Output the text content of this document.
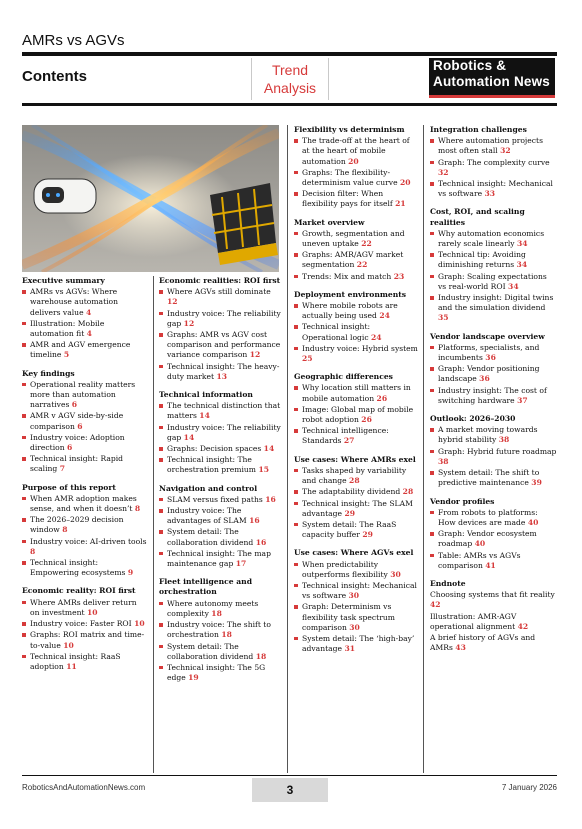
AMRs vs AGVs
Contents	Trend
Analysis
Robotics &
Automation News
Executive summary
AMRs vs AGVs: Where warehouse automation delivers value 4
Illustration: Mobile automation fit 4
AMR and AGV emergence timeline 5
Key findings
Operational reality matters more than automation narratives 6
AMR v AGV side-by-side comparison 6
Industry voice: Adoption direction 6
Technical insight: Rapid scaling 7
Purpose of this report
When AMR adoption makes sense, and when it doesn’t 8
The 2026–2029 decision window 8
Industry voice: AI-driven tools 8
Technical insight: Empowering ecosystems 9
Economic reality: ROI first
Where AMRs deliver return on investment 10
Industry voice: Faster ROI 10
Graphs: ROI matrix and time-to-value 10
Technical insight: RaaS adoption 11
Economic realities: ROI first
Where AGVs still dominate 12
Industry voice: The reliability gap 12
Graphs: AMR vs AGV cost comparison and performance variance comparison 12
Technical insight: The heavy-duty market 13
Technical information
The technical distinction that matters 14
Industry voice: The reliability gap 14
Graphs: Decision spaces 14
Technical insight: The orchestration premium 15
Navigation and control
SLAM versus fixed paths 16
Industry voice: The advantages of SLAM 16
System detail: The collaboration dividend 16
Technical insight: The map maintenance gap 17
Fleet intelligence and orchestration
Where autonomy meets complexity 18
Industry voice: The shift to orchestration 18
System detail: The collaboration dividend 18
Technical insight: The 5G edge 19
Flexibility vs determinism
The trade-off at the heart of at the heart of mobile automation 20
Graphs: The flexibility-determinism value curve 20
Decision filter: When flexibility pays for itself 21
Market overview
Growth, segmentation and uneven uptake 22
Graphs: AMR/AGV market segmentation 22
Trends: Mix and match 23
Deployment environments
Where mobile robots are actually being used 24
Technical insight: Operational logic 24
Industry voice: Hybrid system 25
Geographic differences
Why location still matters in mobile automation 26
Image: Global map of mobile robot adoption 26
Technical intelligence: Standards 27
Use cases: Where AMRs exel
Tasks shaped by variability and change 28
The adaptability dividend 28
Technical insight: The SLAM advantage 29
System detail: The RaaS capacity buffer 29
Use cases: Where AGVs exel
When predictability outperforms flexibility 30
Technical insight: Mechanical vs software 30
Graph: Determinism vs flexibility task spectrum comparison 30
System detail: The ‘high-bay’ advantage 31
Integration challenges
Where automation projects most often stall 32
Graph: The complexity curve 32
Technical insight: Mechanical vs software 33
Cost, ROI, and scaling realities
Why automation economics rarely scale linearly 34
Technical tip: Avoiding diminishing returns 34
Graph: Scaling expectations vs real-world ROI 34
Industry insight: Digital twins and the simulation dividend 35
Vendor landscape overview
Platforms, specialists, and incumbents 36
Graph: Vendor positioning landscape 36
Industry insight: The cost of switching hardware 37
Outlook: 2026–2030
A market moving towards hybrid stability 38
Graph: Hybrid future roadmap 38
System detail: The shift to predictive maintenance 39
Vendor profiles
From robots to platforms: How devices are made 40
Graph: Vendor ecosystem roadmap 40
Table: AMRs vs AGVs comparison 41
Endnote
Choosing systems that fit reality 42
Illustration: AMR-AGV operational alignment 42
A brief history of AGVs and AMRs 43
RoboticsAndAutomationNews.com	3	7 January 2026
